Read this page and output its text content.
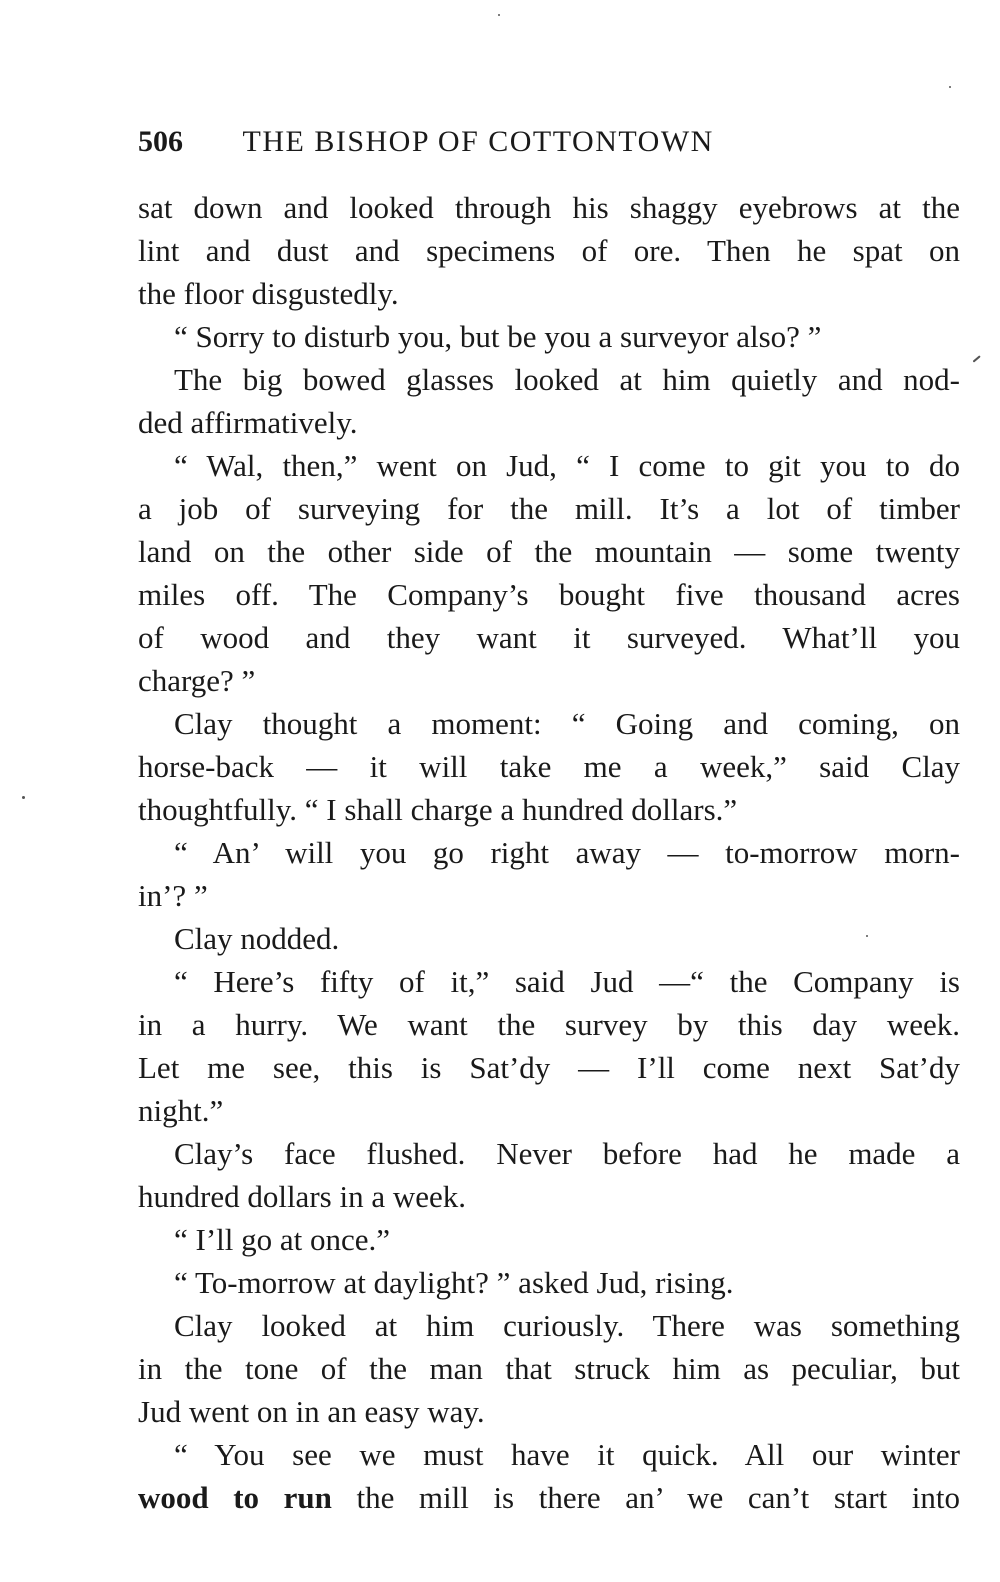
506 THE BISHOP OF COTTONTOWN
sat down and looked through his shaggy eyebrows at the
lint and dust and specimens of ore. Then he spat on
the floor disgustedly.
“ Sorry to disturb you, but be you a surveyor also? ”
The big bowed glasses looked at him quietly and nod-
ded affirmatively.
“ Wal, then,” went on Jud, “ I come to git you to do
a job of surveying for the mill. It’s a lot of timber
land on the other side of the mountain — some twenty
miles off. The Company’s bought five thousand acres
of wood and they want it surveyed. What’ll you
charge? ”
Clay thought a moment: “ Going and coming, on
horse-back — it will take me a week,” said Clay
thoughtfully. “ I shall charge a hundred dollars.”
“ An’ will you go right away — to-morrow morn-
in’? ”
Clay nodded.
“ Here’s fifty of it,” said Jud —“ the Company is
in a hurry. We want the survey by this day week.
Let me see, this is Sat’dy — I’ll come next Sat’dy
night.”
Clay’s face flushed. Never before had he made a
hundred dollars in a week.
“ I’ll go at once.”
“ To-morrow at daylight? ” asked Jud, rising.
Clay looked at him curiously. There was something
in the tone of the man that struck him as peculiar, but
Jud went on in an easy way.
“ You see we must have it quick. All our winter
wood to run the mill is there an’ we can’t start into
